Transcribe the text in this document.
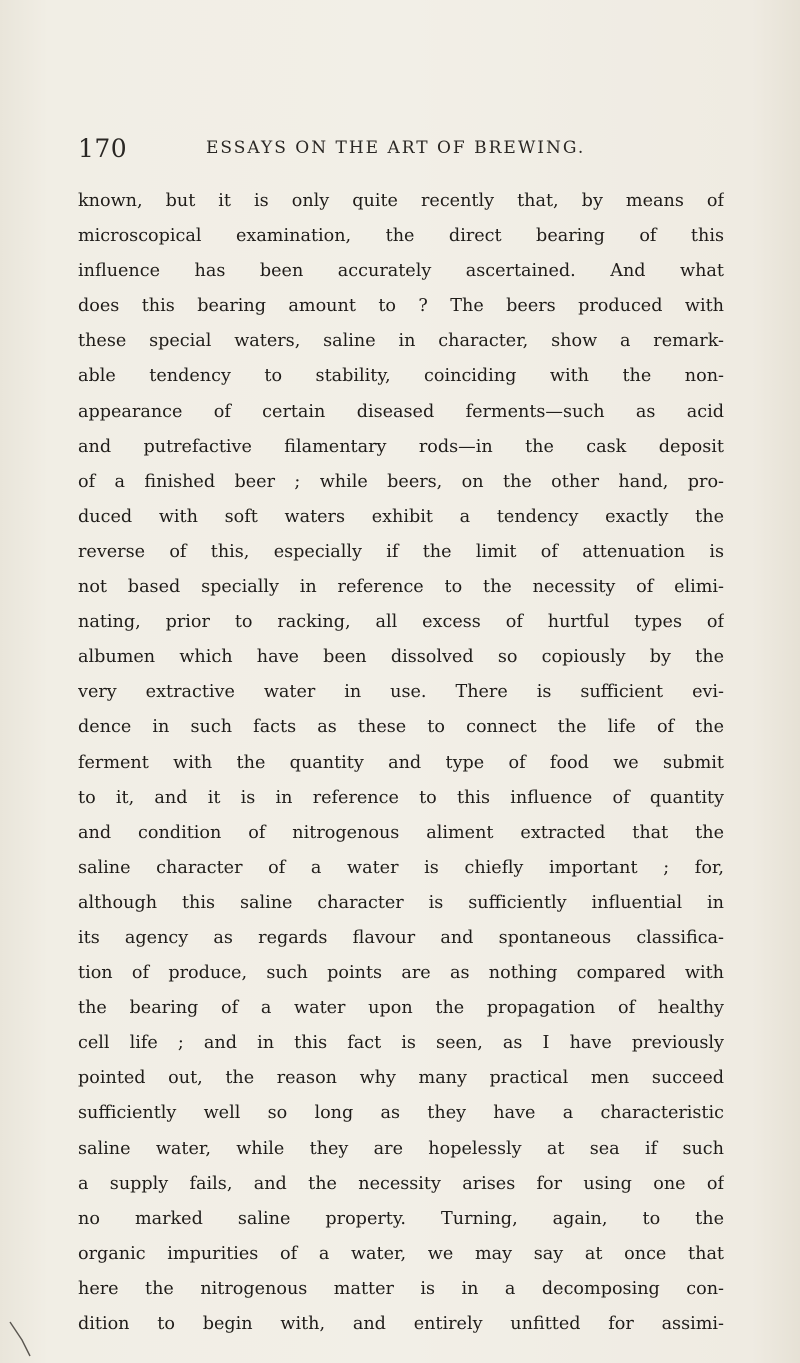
170	ESSAYS ON THE ART OF BREWING.
known, but it is only quite recently that, by means of
microscopical examination, the direct bearing of this
influence has been accurately ascertained. And what
does this bearing amount to ? The beers produced with
these special waters, saline in character, show a remark-
able tendency to stability, coinciding with the non-
appearance of certain diseased ferments—such as acid
and putrefactive filamentary rods—in the cask deposit
of a finished beer ; while beers, on the other hand, pro-
duced with soft waters exhibit a tendency exactly the
reverse of this, especially if the limit of attenuation is
not based specially in reference to the necessity of elimi-
nating, prior to racking, all excess of hurtful types of
albumen which have been dissolved so copiously by the
very extractive water in use. There is sufficient evi-
dence in such facts as these to connect the life of the
ferment with the quantity and type of food we submit
to it, and it is in reference to this influence of quantity
and condition of nitrogenous aliment extracted that the
saline character of a water is chiefly important ; for,
although this saline character is sufficiently influential in
its agency as regards flavour and spontaneous classifica-
tion of produce, such points are as nothing compared with
the bearing of a water upon the propagation of healthy
cell life ; and in this fact is seen, as I have previously
pointed out, the reason why many practical men succeed
sufficiently well so long as they have a characteristic
saline water, while they are hopelessly at sea if such
a supply fails, and the necessity arises for using one of
no marked saline property. Turning, again, to the
organic impurities of a water, we may say at once that
here the nitrogenous matter is in a decomposing con-
dition to begin with, and entirely unfitted for assimi-
